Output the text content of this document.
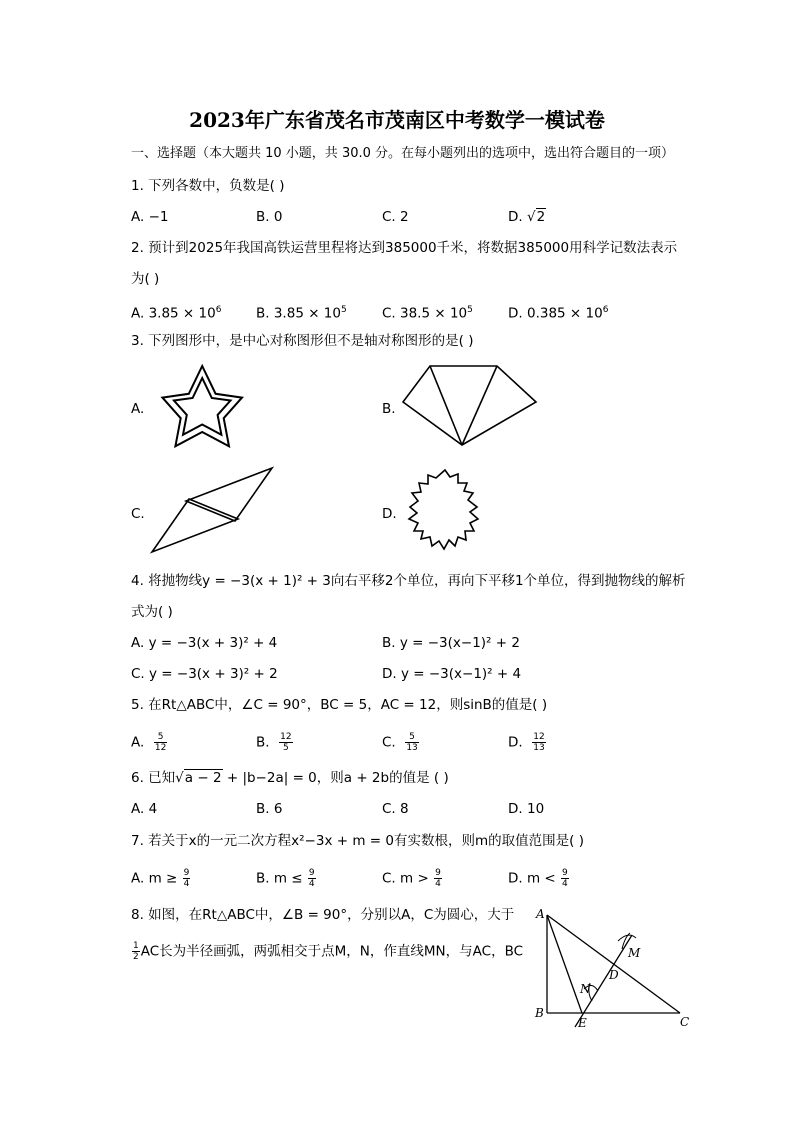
2023年广东省茂名市茂南区中考数学一模试卷
一、选择题（本大题共 10 小题，共 30.0 分。在每小题列出的选项中，选出符合题目的一项）
1. 下列各数中，负数是( )
A. −1	B. 0	C. 2	D. √2
2. 预计到2025年我国高铁运营里程将达到385000千米，将数据385000用科学记数法表示
为( )
A. $3.85 \times 10^6$	B. $3.85 \times 10^5$	C. $38.5 \times 10^5$	D. $0.385 \times 10^6$
3. 下列图形中，是中心对称图形但不是轴对称图形的是( )
A.	B.
C.	D.
4. 将抛物线y = −3(x + 1)² + 3向右平移2个单位，再向下平移1个单位，得到抛物线的解析
式为( )
A. y = −3(x + 3)² + 4	B. y = −3(x−1)² + 2
C. y = −3(x + 3)² + 2	D. y = −3(x−1)² + 4
5. 在Rt△ABC中，∠C = 90°，BC = 5，AC = 12，则sinB的值是( )
A. $\frac{5}{12}$	B. $\frac{12}{5}$	C. $\frac{5}{13}$	D. $\frac{12}{13}$
6. 已知√a − 2 + |b−2a| = 0，则a + 2b的值是 ( )
A. 4	B. 6	C. 8	D. 10
7. 若关于x的一元二次方程x²−3x + m = 0有实数根，则m的取值范围是( )
A. $m \ge \frac{9}{4}$	B. $m \le \frac{9}{4}$	C. $m > \frac{9}{4}$	D. $m < \frac{9}{4}$
8. 如图，在Rt△ABC中，∠B = 90°，分别以A，C为圆心，大于
$\frac{1}{2}$ AC长为半径画弧，两弧相交于点M，N，作直线MN，与AC，BC
A
B
C
D
E
M
N
